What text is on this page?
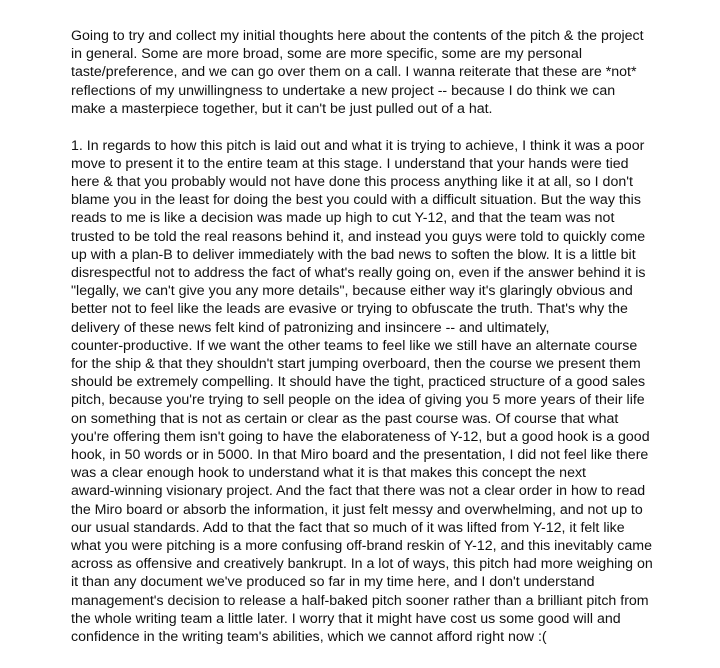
Going to try and collect my initial thoughts here about the contents of the pitch & the project
in general. Some are more broad, some are more specific, some are my personal
taste/preference, and we can go over them on a call. I wanna reiterate that these are *not*
reflections of my unwillingness to undertake a new project -- because I do think we can
make a masterpiece together, but it can't be just pulled out of a hat.
1. In regards to how this pitch is laid out and what it is trying to achieve, I think it was a poor
move to present it to the entire team at this stage. I understand that your hands were tied
here & that you probably would not have done this process anything like it at all, so I don't
blame you in the least for doing the best you could with a difficult situation. But the way this
reads to me is like a decision was made up high to cut Y-12, and that the team was not
trusted to be told the real reasons behind it, and instead you guys were told to quickly come
up with a plan-B to deliver immediately with the bad news to soften the blow. It is a little bit
disrespectful not to address the fact of what's really going on, even if the answer behind it is
"legally, we can't give you any more details", because either way it's glaringly obvious and
better not to feel like the leads are evasive or trying to obfuscate the truth. That's why the
delivery of these news felt kind of patronizing and insincere -- and ultimately,
counter-productive. If we want the other teams to feel like we still have an alternate course
for the ship & that they shouldn't start jumping overboard, then the course we present them
should be extremely compelling. It should have the tight, practiced structure of a good sales
pitch, because you're trying to sell people on the idea of giving you 5 more years of their life
on something that is not as certain or clear as the past course was. Of course that what
you're offering them isn't going to have the elaborateness of Y-12, but a good hook is a good
hook, in 50 words or in 5000. In that Miro board and the presentation, I did not feel like there
was a clear enough hook to understand what it is that makes this concept the next
award-winning visionary project. And the fact that there was not a clear order in how to read
the Miro board or absorb the information, it just felt messy and overwhelming, and not up to
our usual standards. Add to that the fact that so much of it was lifted from Y-12, it felt like
what you were pitching is a more confusing off-brand reskin of Y-12, and this inevitably came
across as offensive and creatively bankrupt. In a lot of ways, this pitch had more weighing on
it than any document we've produced so far in my time here, and I don't understand
management's decision to release a half-baked pitch sooner rather than a brilliant pitch from
the whole writing team a little later. I worry that it might have cost us some good will and
confidence in the writing team's abilities, which we cannot afford right now :(
